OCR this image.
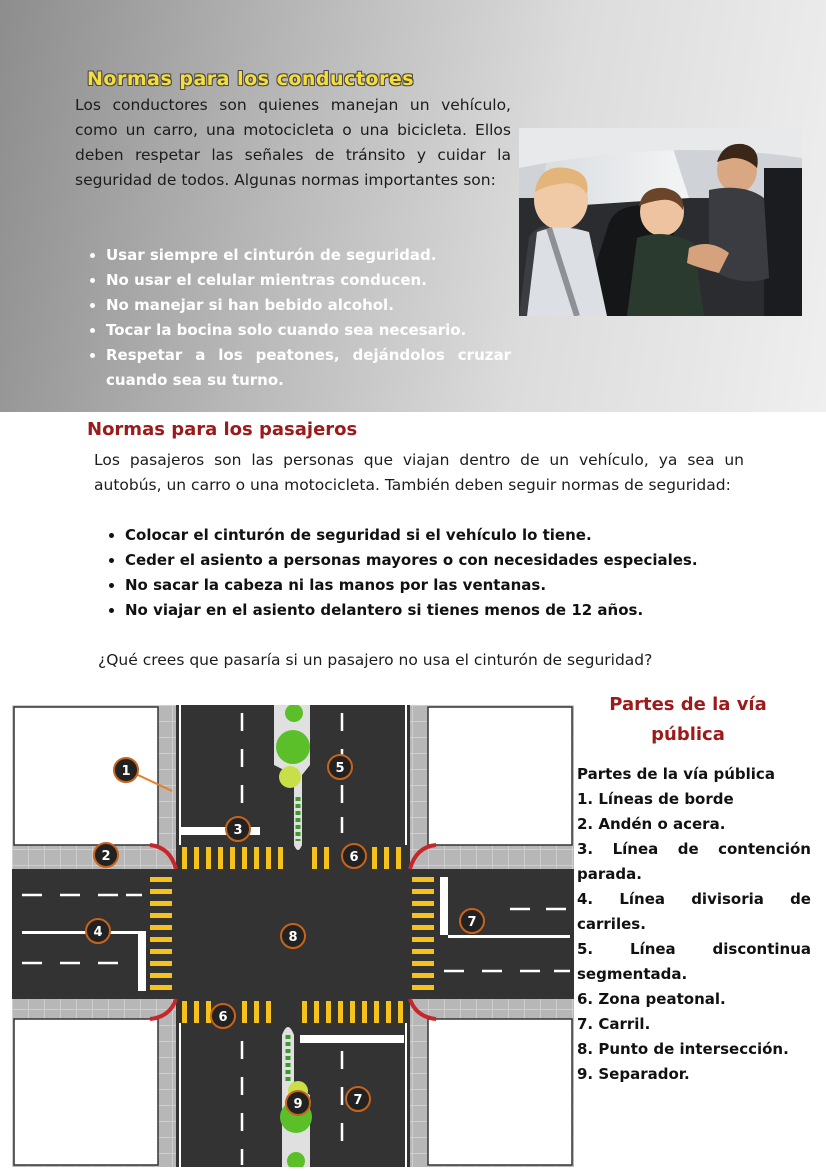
Normas para los conductores

Los conductores son quienes manejan un vehículo, como un carro, una motocicleta o una bicicleta. Ellos deben respetar las señales de tránsito y cuidar la seguridad de todos. Algunas normas importantes son:

• Usar siempre el cinturón de seguridad.
• No usar el celular mientras conducen.
• No manejar si han bebido alcohol.
• Tocar la bocina solo cuando sea necesario.
• Respetar a los peatones, dejándolos cruzar cuando sea su turno.
Normas para los pasajeros

Los pasajeros son las personas que viajan dentro de un vehículo, ya sea un autobús, un carro o una motocicleta. También deben seguir normas de seguridad:

• Colocar el cinturón de seguridad si el vehículo lo tiene.
• Ceder el asiento a personas mayores o con necesidades especiales.
• No sacar la cabeza ni las manos por las ventanas.
• No viajar en el asiento delantero si tienes menos de 12 años.

¿Qué crees que pasaría si un pasajero no usa el cinturón de seguridad?

1
2
3
4
5
6
6
7
7
8
9
Partes de la vía
pública
Partes de la vía pública
1. Líneas de borde
2. Andén o acera.
3. Línea de contención parada.
4. Línea divisoria de carriles.
5. Línea discontinua segmentada.
6. Zona peatonal.
7. Carril.
8. Punto de intersección.
9. Separador.
